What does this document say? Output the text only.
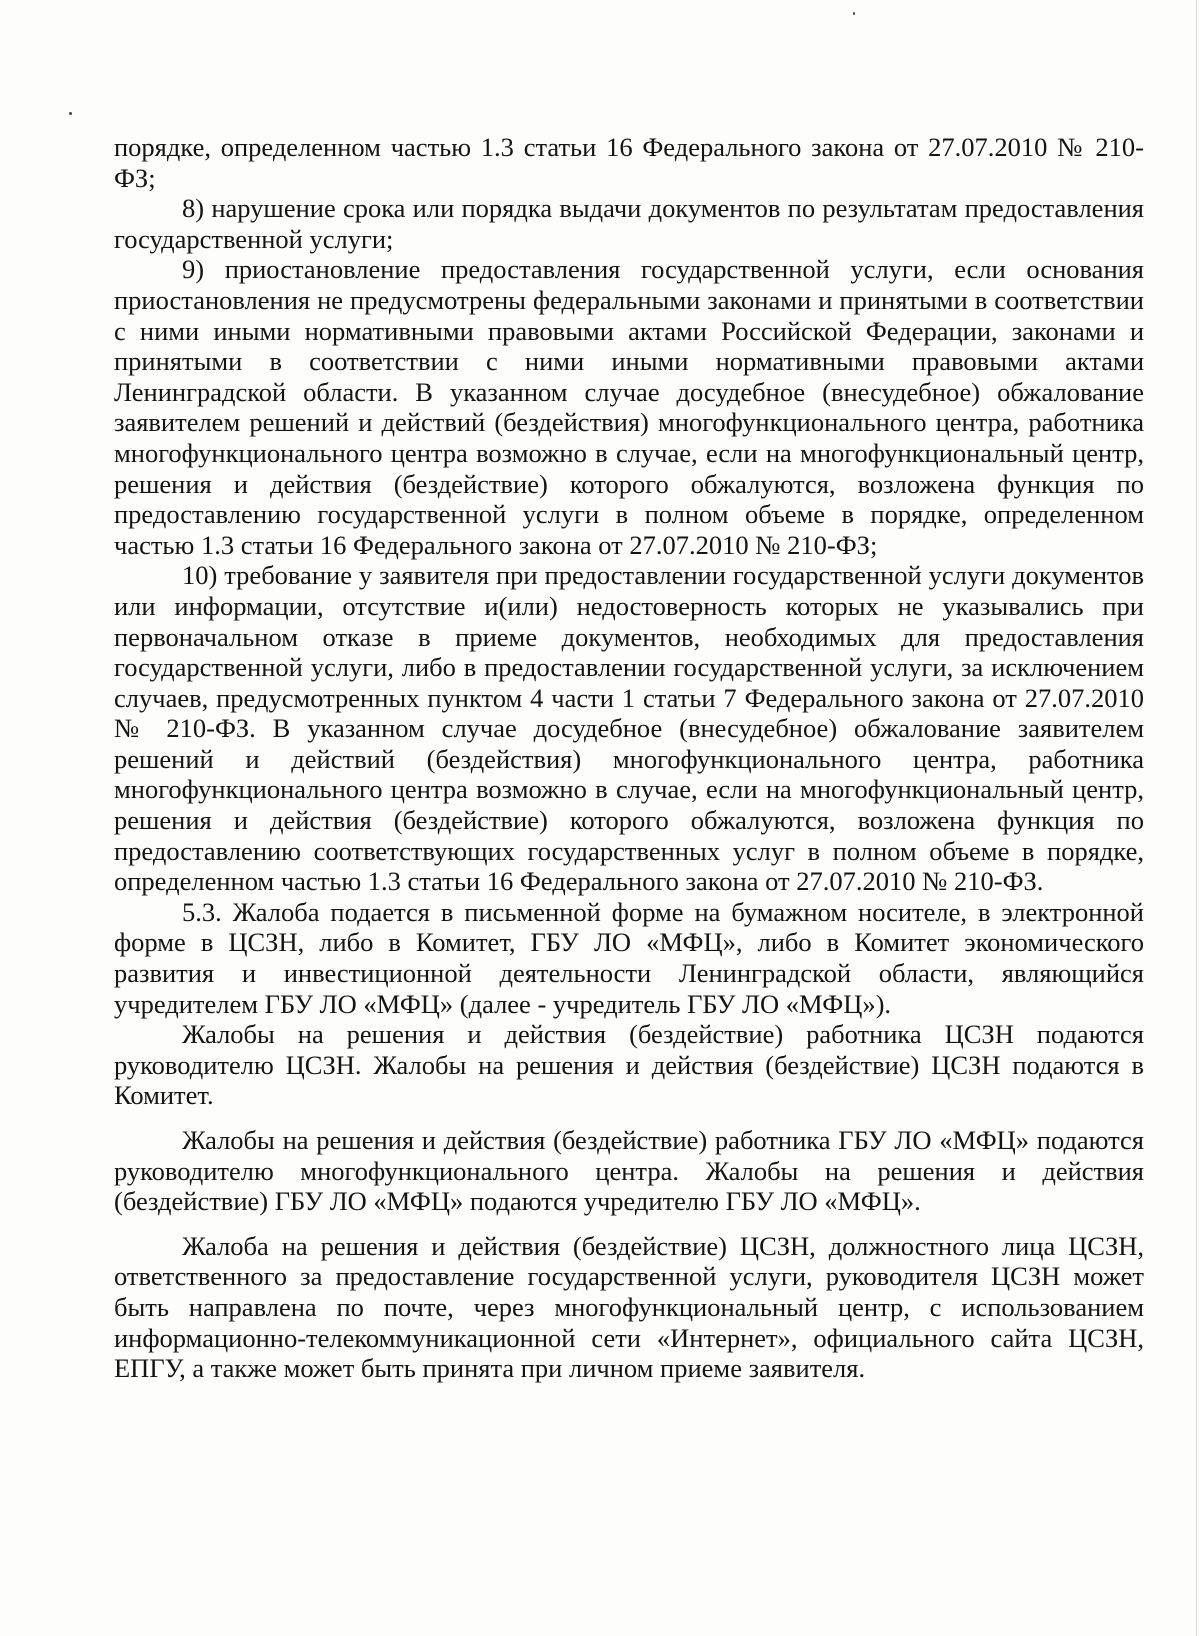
порядке, определенном частью 1.3 статьи 16 Федерального закона от 27.07.2010 № 210-ФЗ;

8) нарушение срока или порядка выдачи документов по результатам предоставления государственной услуги;

9) приостановление предоставления государственной услуги, если основания приостановления не предусмотрены федеральными законами и принятыми в соответствии с ними иными нормативными правовыми актами Российской Федерации, законами и принятыми в соответствии с ними иными нормативными правовыми актами Ленинградской области. В указанном случае досудебное (внесудебное) обжалование заявителем решений и действий (бездействия) многофункционального центра, работника многофункционального центра возможно в случае, если на многофункциональный центр, решения и действия (бездействие) которого обжалуются, возложена функция по предоставлению государственной услуги в полном объеме в порядке, определенном частью 1.3 статьи 16 Федерального закона от 27.07.2010 № 210-ФЗ;

10) требование у заявителя при предоставлении государственной услуги документов или информации, отсутствие и(или) недостоверность которых не указывались при первоначальном отказе в приеме документов, необходимых для предоставления государственной услуги, либо в предоставлении государственной услуги, за исключением случаев, предусмотренных пунктом 4 части 1 статьи 7 Федерального закона от 27.07.2010 № 210-ФЗ. В указанном случае досудебное (внесудебное) обжалование заявителем решений и действий (бездействия) многофункционального центра, работника многофункционального центра возможно в случае, если на многофункциональный центр, решения и действия (бездействие) которого обжалуются, возложена функция по предоставлению соответствующих государственных услуг в полном объеме в порядке, определенном частью 1.3 статьи 16 Федерального закона от 27.07.2010 № 210-ФЗ.

5.3. Жалоба подается в письменной форме на бумажном носителе, в электронной форме в ЦСЗН, либо в Комитет, ГБУ ЛО «МФЦ», либо в Комитет экономического развития и инвестиционной деятельности Ленинградской области, являющийся учредителем ГБУ ЛО «МФЦ» (далее - учредитель ГБУ ЛО «МФЦ»).

Жалобы на решения и действия (бездействие) работника ЦСЗН подаются руководителю ЦСЗН. Жалобы на решения и действия (бездействие) ЦСЗН подаются в Комитет.

Жалобы на решения и действия (бездействие) работника ГБУ ЛО «МФЦ» подаются руководителю многофункционального центра. Жалобы на решения и действия (бездействие) ГБУ ЛО «МФЦ» подаются учредителю ГБУ ЛО «МФЦ».

Жалоба на решения и действия (бездействие) ЦСЗН, должностного лица ЦСЗН, ответственного за предоставление государственной услуги, руководителя ЦСЗН может быть направлена по почте, через многофункциональный центр, с использованием информационно-телекоммуникационной сети «Интернет», официального сайта ЦСЗН, ЕПГУ, а также может быть принята при личном приеме заявителя.
